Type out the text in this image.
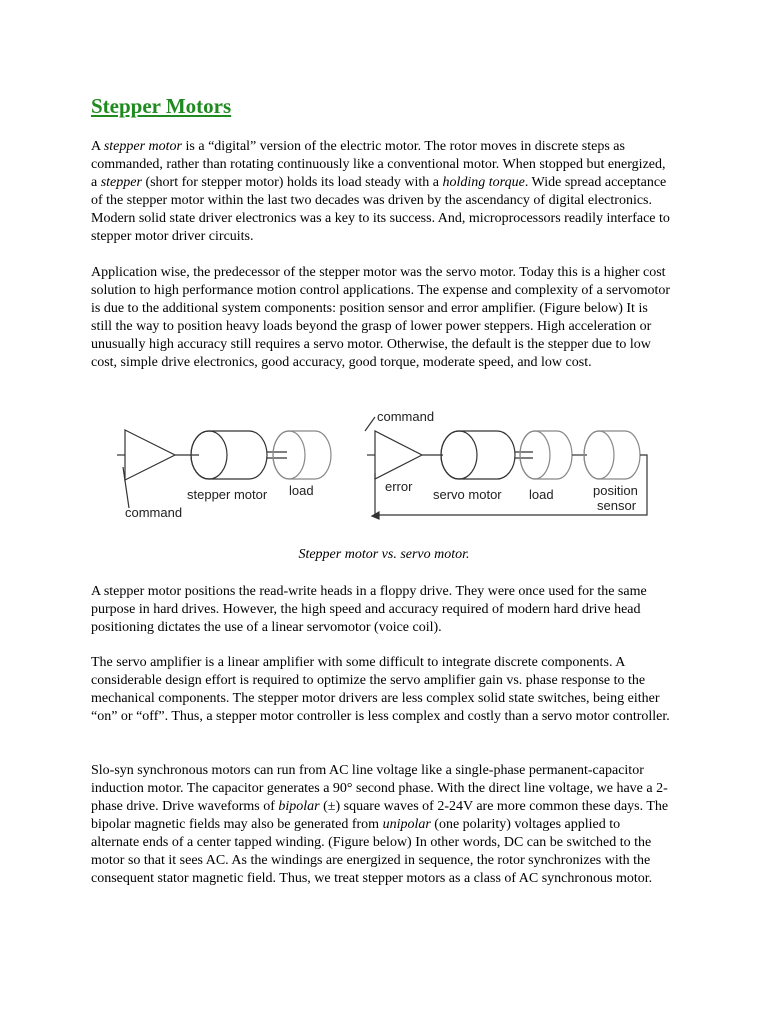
Stepper Motors

A stepper motor is a “digital” version of the electric motor. The rotor moves in discrete steps as commanded, rather than rotating continuously like a conventional motor. When stopped but energized, a stepper (short for stepper motor) holds its load steady with a holding torque. Wide spread acceptance of the stepper motor within the last two decades was driven by the ascendancy of digital electronics. Modern solid state driver electronics was a key to its success. And, microprocessors readily interface to stepper motor driver circuits.

Application wise, the predecessor of the stepper motor was the servo motor. Today this is a higher cost solution to high performance motion control applications. The expense and complexity of a servomotor is due to the additional system components: position sensor and error amplifier. (Figure below) It is still the way to position heavy loads beyond the grasp of lower power steppers. High acceleration or unusually high accuracy still requires a servo motor. Otherwise, the default is the stepper due to low cost, simple drive electronics, good accuracy, good torque, moderate speed, and low cost.

A stepper motor positions the read-write heads in a floppy drive. They were once used for the same purpose in hard drives. However, the high speed and accuracy required of modern hard drive head positioning dictates the use of a linear servomotor (voice coil).

The servo amplifier is a linear amplifier with some difficult to integrate discrete components. A considerable design effort is required to optimize the servo amplifier gain vs. phase response to the mechanical components. The stepper motor drivers are less complex solid state switches, being either “on” or “off”. Thus, a stepper motor controller is less complex and costly than a servo motor controller.

Slo-syn synchronous motors can run from AC line voltage like a single-phase permanent-capacitor induction motor. The capacitor generates a 90° second phase. With the direct line voltage, we have a 2-phase drive. Drive waveforms of bipolar (±) square waves of 2-24V are more common these days. The bipolar magnetic fields may also be generated from unipolar (one polarity) voltages applied to alternate ends of a center tapped winding. (Figure below) In other words, DC can be switched to the motor so that it sees AC. As the windings are energized in sequence, the rotor synchronizes with the consequent stator magnetic field. Thus, we treat stepper motors as a class of AC synchronous motor.

command
stepper motor load
command
error
servo motor load	position
sensor
Stepper motor vs. servo motor.
